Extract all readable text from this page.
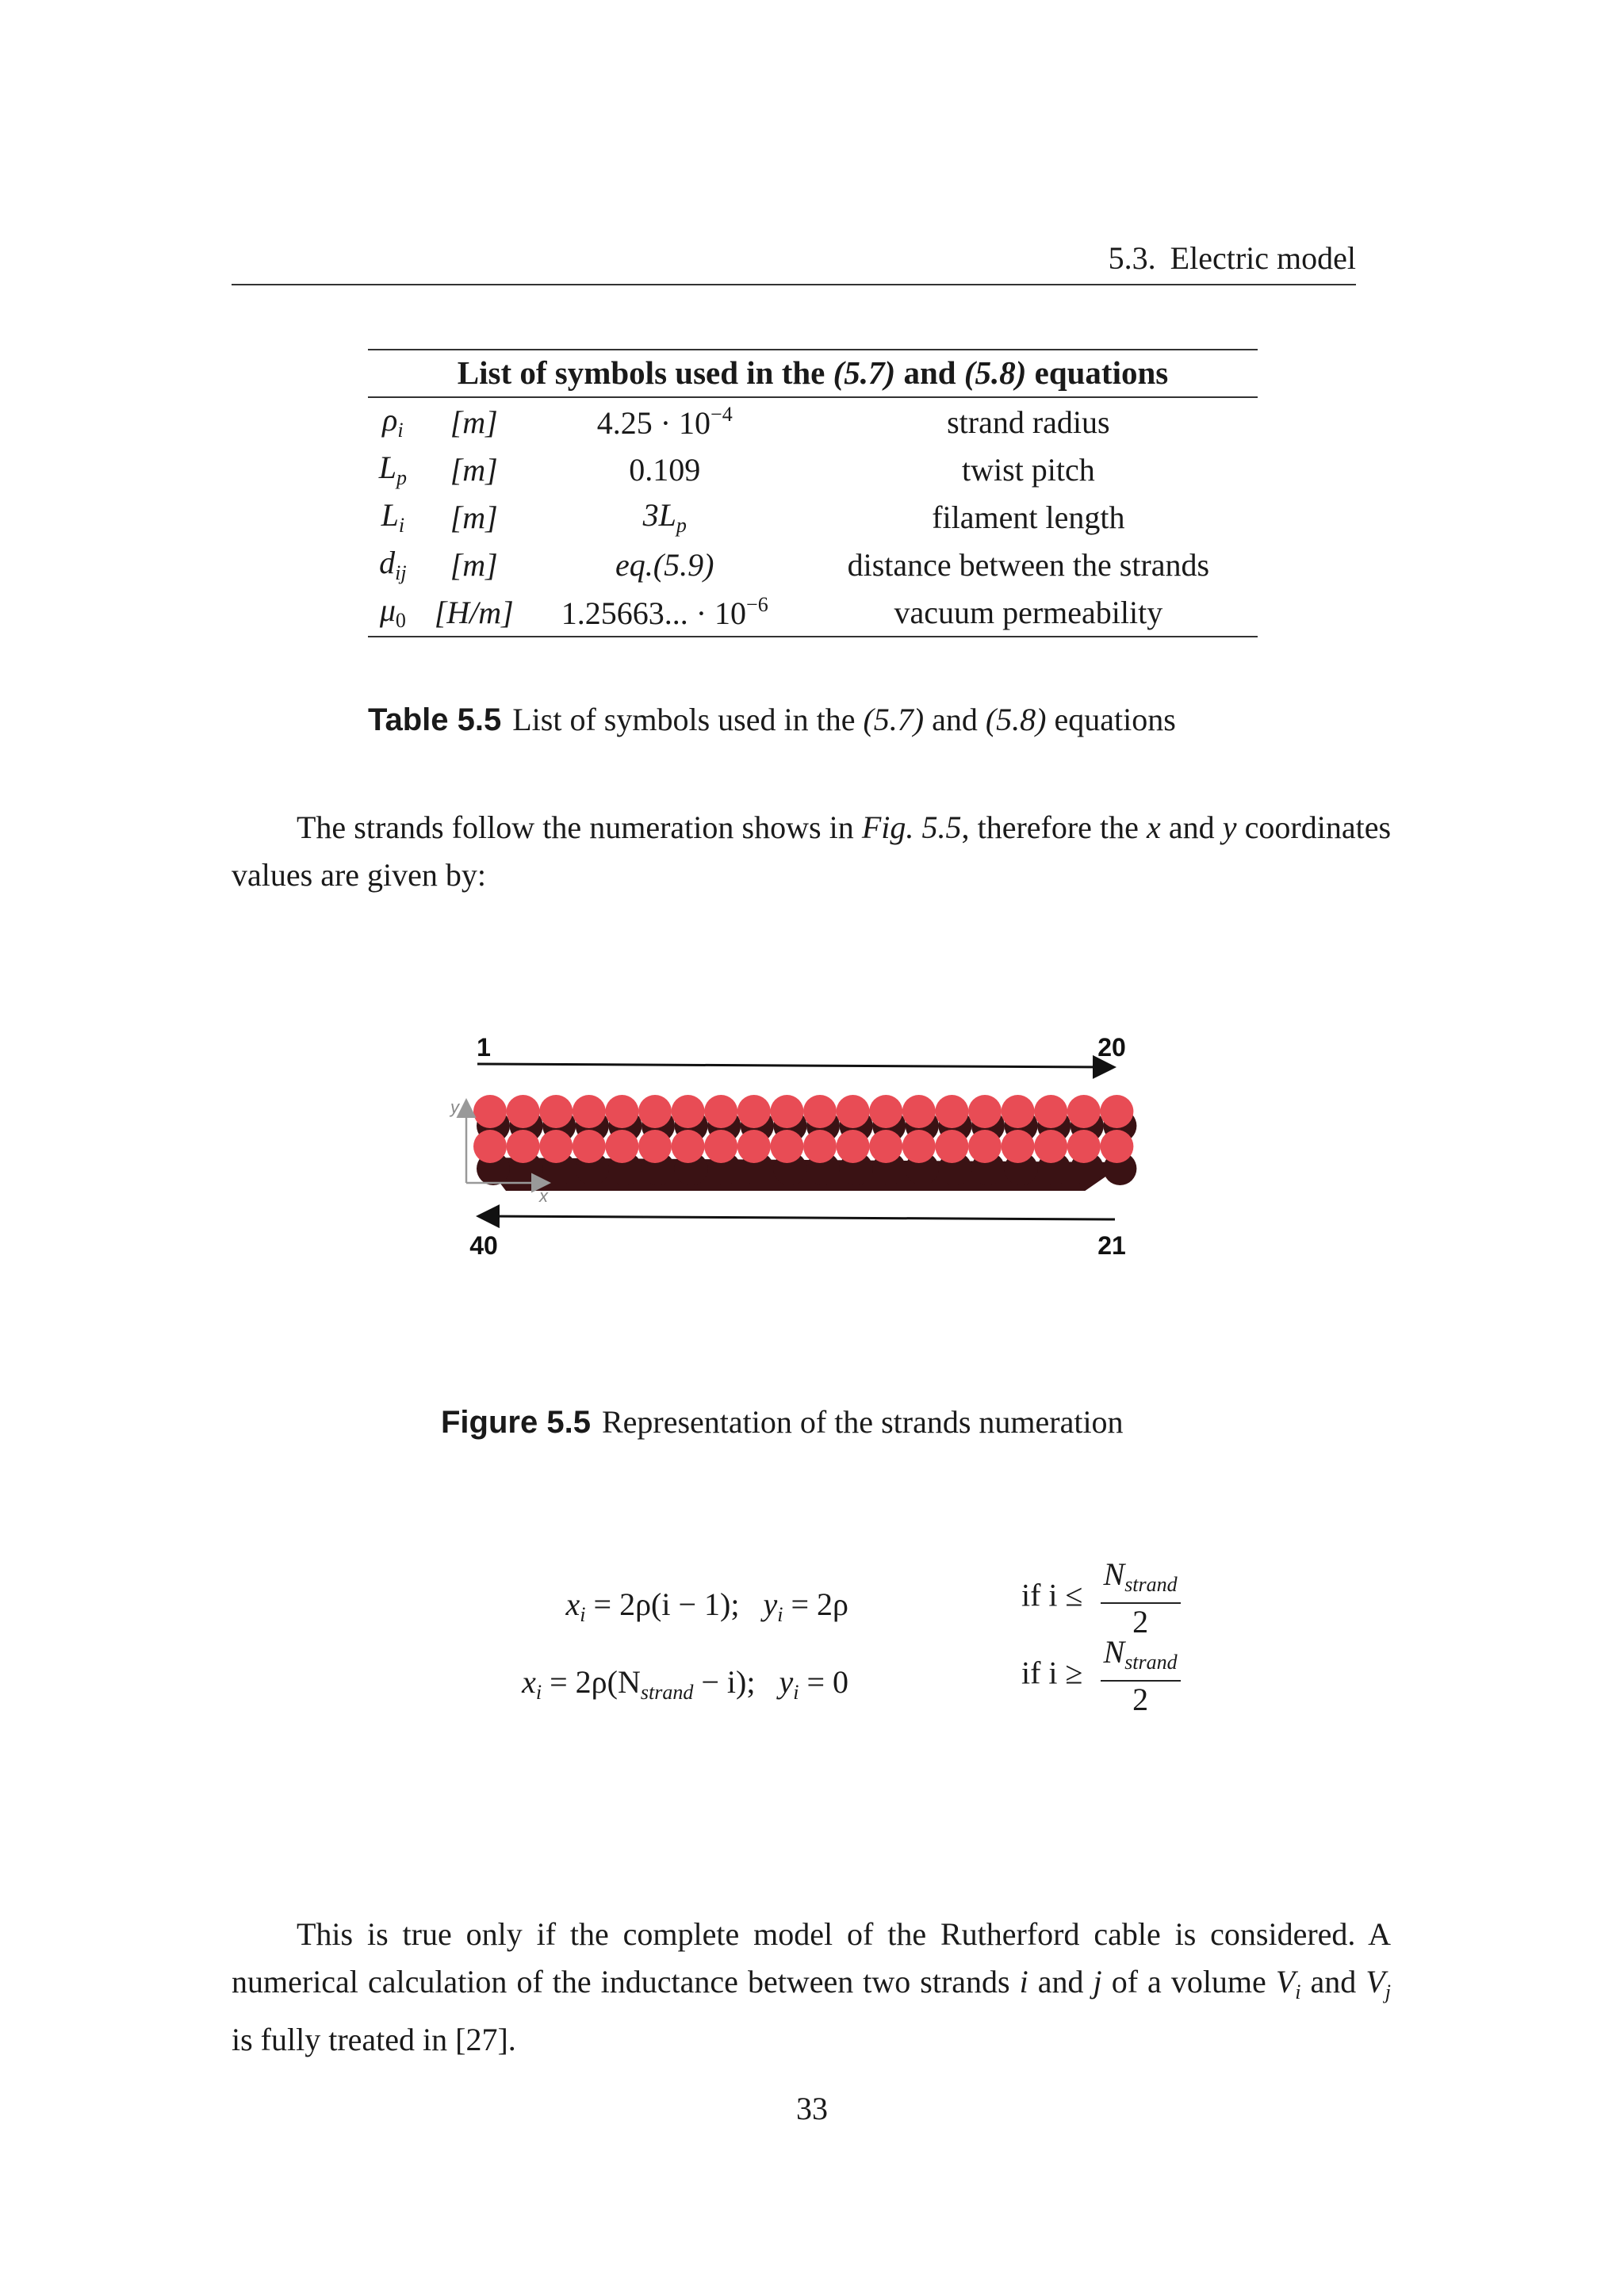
5.3. Electric model
List of symbols used in the (5.7) and (5.8) equations			
$\rho_i$	[m]	$4.25 \cdot 10^{-4}$	strand radius
$L_p$	[m]	0.109	twist pitch
$L_i$	[m]	$3L_p$	filament length
$d_{ij}$	[m]	eq.(5.9)	distance between the strands
$\mu_0$	[H/m]	1.25663... · $10^{-6}$	vacuum permeability
Table 5.5 List of symbols used in the (5.7) and (5.8) equations
The strands follow the numeration shows in Fig. 5.5, therefore the x and y coordinates values are given by:
1	20
y
x
40	21
Figure 5.5 Representation of the strands numeration
$x_i = 2\rho(i - 1)$; $y_i = 2\rho$	if $i \le \frac{N_{strand}}{2}$
$x_i = 2\rho(N_{strand} - i)$; $y_i = 0$	if $i \ge \frac{N_{strand}}{2}$
This is true only if the complete model of the Rutherford cable is considered. A numerical calculation of the inductance between two strands i and j of a volume $V_i$ and $V_j$ is fully treated in [27].
33
